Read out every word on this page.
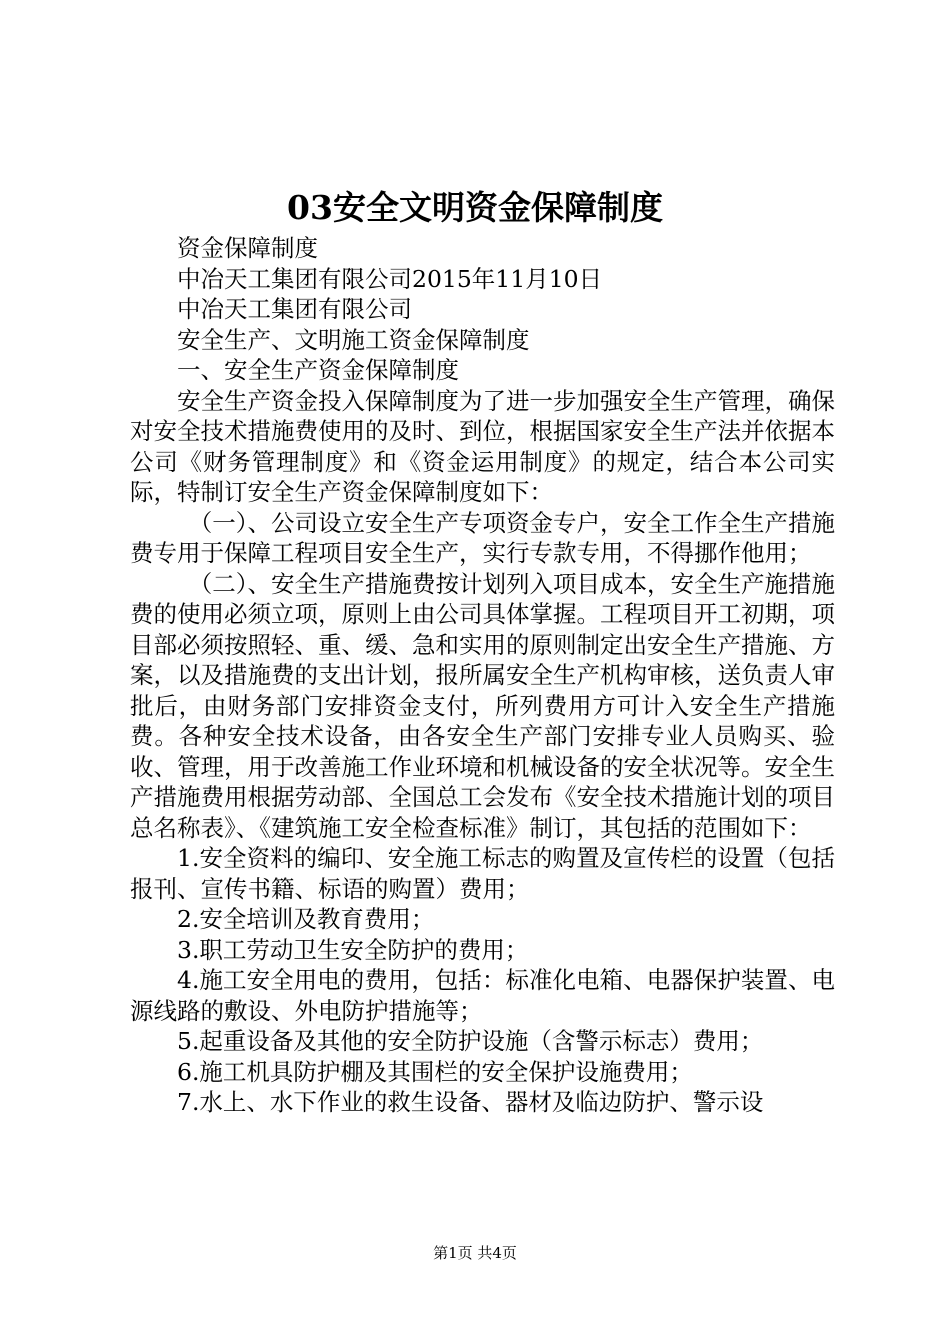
03安全文明资金保障制度

资金保障制度

中冶天工集团有限公司2015年11月10日

中冶天工集团有限公司

安全生产、文明施工资金保障制度

一、安全生产资金保障制度

安全生产资金投入保障制度为了进一步加强安全生产管理，确保对安全技术措施费使用的及时、到位，根据国家安全生产法并依据本公司《财务管理制度》和《资金运用制度》的规定，结合本公司实际，特制订安全生产资金保障制度如下：

（一）、公司设立安全生产专项资金专户，安全工作全生产措施费专用于保障工程项目安全生产，实行专款专用，不得挪作他用；

（二）、安全生产措施费按计划列入项目成本，安全生产施措施费的使用必须立项，原则上由公司具体掌握。工程项目开工初期，项目部必须按照轻、重、缓、急和实用的原则制定出安全生产措施、方案，以及措施费的支出计划，报所属安全生产机构审核，送负责人审批后，由财务部门安排资金支付，所列费用方可计入安全生产措施费。各种安全技术设备，由各安全生产部门安排专业人员购买、验收、管理，用于改善施工作业环境和机械设备的安全状况等。安全生产措施费用根据劳动部、全国总工会发布《安全技术措施计划的项目总名称表》、《建筑施工安全检查标准》制订，其包括的范围如下：

1.安全资料的编印、安全施工标志的购置及宣传栏的设置（包括报刊、宣传书籍、标语的购置）费用；

2.安全培训及教育费用；

3.职工劳动卫生安全防护的费用；

4.施工安全用电的费用，包括：标准化电箱、电器保护装置、电源线路的敷设、外电防护措施等；

5.起重设备及其他的安全防护设施（含警示标志）费用；

6.施工机具防护棚及其围栏的安全保护设施费用；

7.水上、水下作业的救生设备、器材及临边防护、警示设

第1页 共4页
